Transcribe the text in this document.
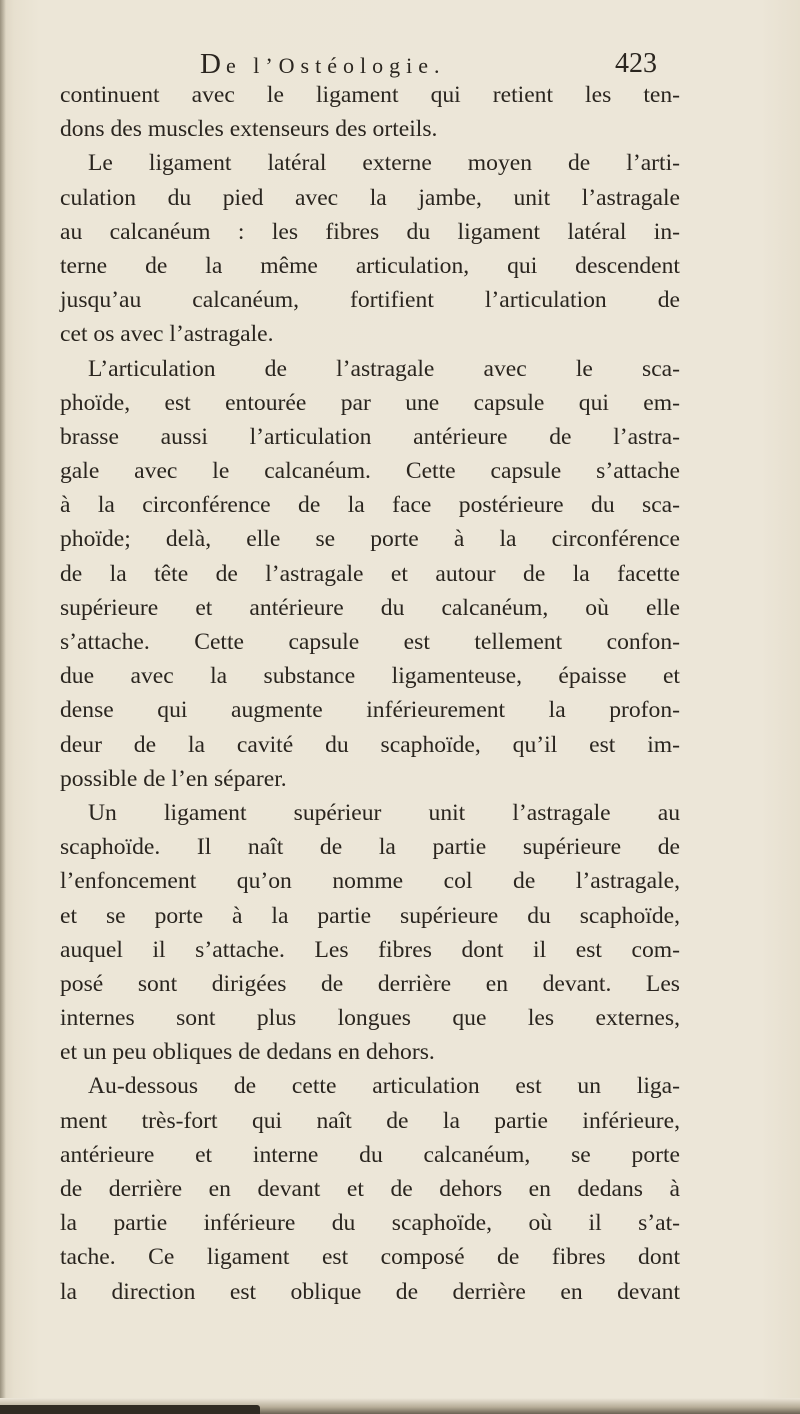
De l’Ostéologie.	423
continuent avec le ligament qui retient les ten-
dons des muscles extenseurs des orteils.
Le ligament latéral externe moyen de l’arti-
culation du pied avec la jambe, unit l’astragale
au calcanéum : les fibres du ligament latéral in-
terne de la même articulation, qui descendent
jusqu’au calcanéum, fortifient l’articulation de
cet os avec l’astragale.
L’articulation de l’astragale avec le sca-
phoïde, est entourée par une capsule qui em-
brasse aussi l’articulation antérieure de l’astra-
gale avec le calcanéum. Cette capsule s’attache
à la circonférence de la face postérieure du sca-
phoïde; delà, elle se porte à la circonférence
de la tête de l’astragale et autour de la facette
supérieure et antérieure du calcanéum, où elle
s’attache. Cette capsule est tellement confon-
due avec la substance ligamenteuse, épaisse et
dense qui augmente inférieurement la profon-
deur de la cavité du scaphoïde, qu’il est im-
possible de l’en séparer.
Un ligament supérieur unit l’astragale au
scaphoïde. Il naît de la partie supérieure de
l’enfoncement qu’on nomme col de l’astragale,
et se porte à la partie supérieure du scaphoïde,
auquel il s’attache. Les fibres dont il est com-
posé sont dirigées de derrière en devant. Les
internes sont plus longues que les externes,
et un peu obliques de dedans en dehors.
Au-dessous de cette articulation est un liga-
ment très-fort qui naît de la partie inférieure,
antérieure et interne du calcanéum, se porte
de derrière en devant et de dehors en dedans à
la partie inférieure du scaphoïde, où il s’at-
tache. Ce ligament est composé de fibres dont
la direction est oblique de derrière en devant
